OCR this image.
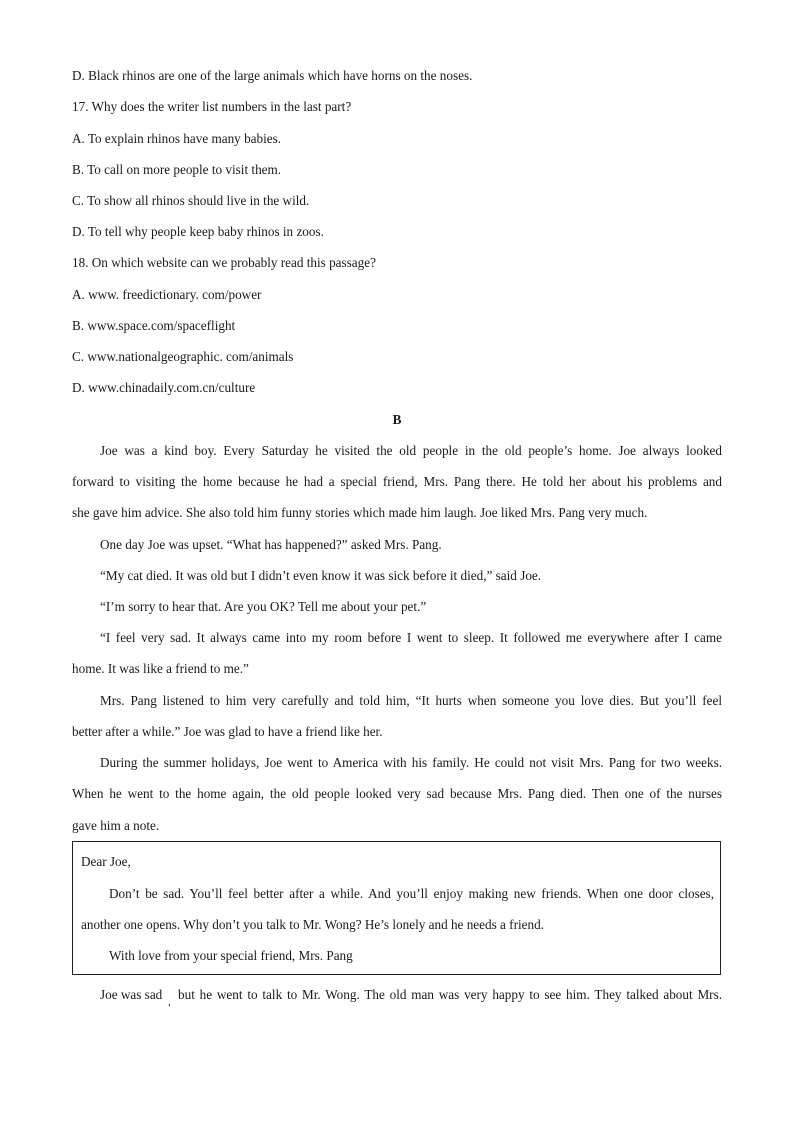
D. Black rhinos are one of the large animals which have horns on the noses.
17. Why does the writer list numbers in the last part?
A. To explain rhinos have many babies.
B. To call on more people to visit them.
C. To show all rhinos should live in the wild.
D. To tell why people keep baby rhinos in zoos.
18. On which website can we probably read this passage?
A. www. freedictionary. com/power
B. www.space.com/spaceflight
C. www.nationalgeographic. com/animals
D. www.chinadaily.com.cn/culture
B
Joe was a kind boy. Every Saturday he visited the old people in the old people’s home. Joe always looked
forward to visiting the home because he had a special friend, Mrs. Pang there. He told her about his problems and
she gave him advice. She also told him funny stories which made him laugh. Joe liked Mrs. Pang very much.
One day Joe was upset. “What has happened?” asked Mrs. Pang.
“My cat died. It was old but I didn’t even know it was sick before it died,” said Joe.
“I’m sorry to hear that. Are you OK? Tell me about your pet.”
“I feel very sad. It always came into my room before I went to sleep. It followed me everywhere after I came
home. It was like a friend to me.”
Mrs. Pang listened to him very carefully and told him, “It hurts when someone you love dies. But you’ll feel
better after a while.” Joe was glad to have a friend like her.
During the summer holidays, Joe went to America with his family. He could not visit Mrs. Pang for two weeks.
When he went to the home again, the old people looked very sad because Mrs. Pang died. Then one of the nurses
gave him a note.
Joe was sad , but he went to talk to Mr. Wong. The old man was very happy to see him. They talked about Mrs.
Dear Joe,
Don’t be sad. You’ll feel better after a while. And you’ll enjoy making new friends. When one door closes,
another one opens. Why don’t you talk to Mr. Wong? He’s lonely and he needs a friend.
With love from your special friend, Mrs. Pang
